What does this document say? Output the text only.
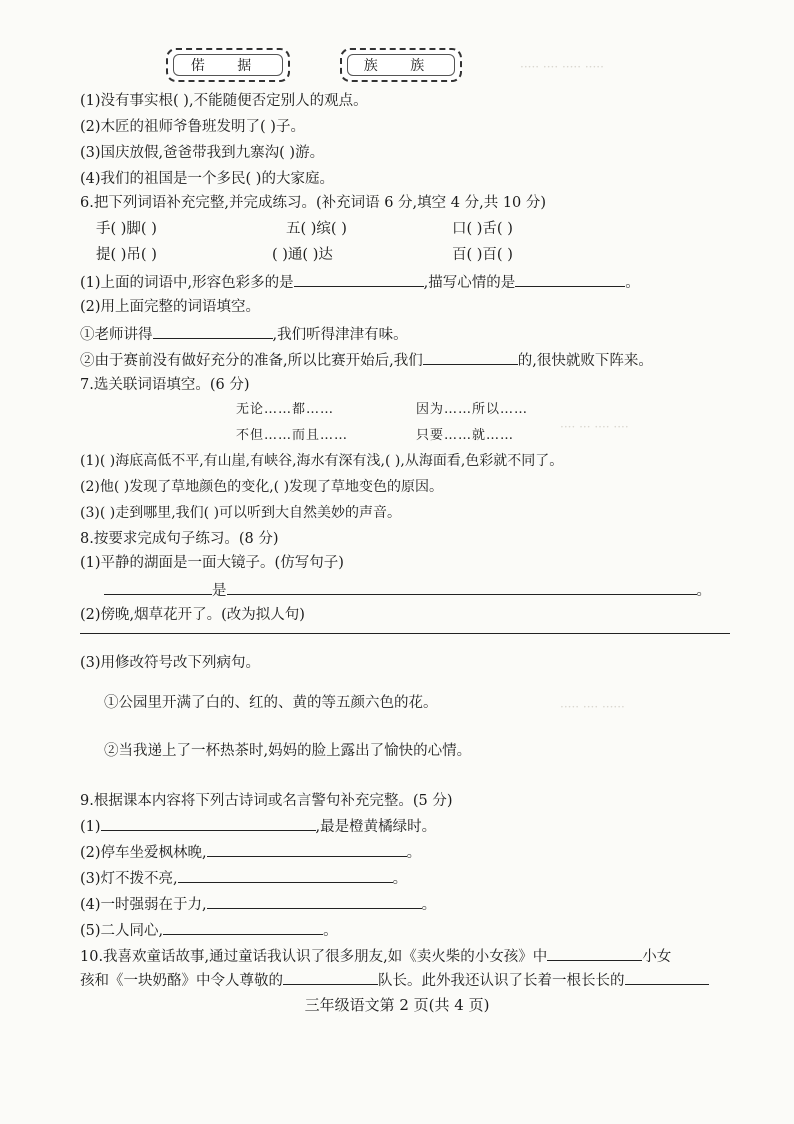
偌 据	族 族	····· ···· ····· ·····
···· ··· ···· ····
····· ···· ······
(1)没有事实根( ),不能随便否定别人的观点。
(2)木匠的祖师爷鲁班发明了( )子。
(3)国庆放假,爸爸带我到九寨沟( )游。
(4)我们的祖国是一个多民( )的大家庭。
6.把下列词语补充完整,并完成练习。(补充词语 6 分,填空 4 分,共 10 分)
手( )脚( )	五( )缤( )	口( )舌( )
提( )吊( )	( )通( )达	百( )百( )
(1)上面的词语中,形容色彩多的是	,描写心情的是	。
(2)用上面完整的词语填空。
①老师讲得	,我们听得津津有味。
②由于赛前没有做好充分的准备,所以比赛开始后,我们	的,很快就败下阵来。
7.选关联词语填空。(6 分)
无论……都……	因为……所以……
不但……而且……	只要……就……
(1)( )海底高低不平,有山崖,有峡谷,海水有深有浅,( ),从海面看,色彩就不同了。
(2)他( )发现了草地颜色的变化,( )发现了草地变色的原因。
(3)( )走到哪里,我们( )可以听到大自然美妙的声音。
8.按要求完成句子练习。(8 分)
(1)平静的湖面是一面大镜子。(仿写句子)
是	。
(2)傍晚,烟草花开了。(改为拟人句)
(3)用修改符号改下列病句。
①公园里开满了白的、红的、黄的等五颜六色的花。
②当我递上了一杯热茶时,妈妈的脸上露出了愉快的心情。
9.根据课本内容将下列古诗词或名言警句补充完整。(5 分)
(1)	,最是橙黄橘绿时。
(2)停车坐爱枫林晚,	。
(3)灯不拨不亮,	。
(4)一时强弱在于力,	。
(5)二人同心,	。
10.我喜欢童话故事,通过童话我认识了很多朋友,如《卖火柴的小女孩》中	小女
孩和《一块奶酪》中令人尊敬的	队长。此外我还认识了长着一根长长的
三年级语文第 2 页(共 4 页)
